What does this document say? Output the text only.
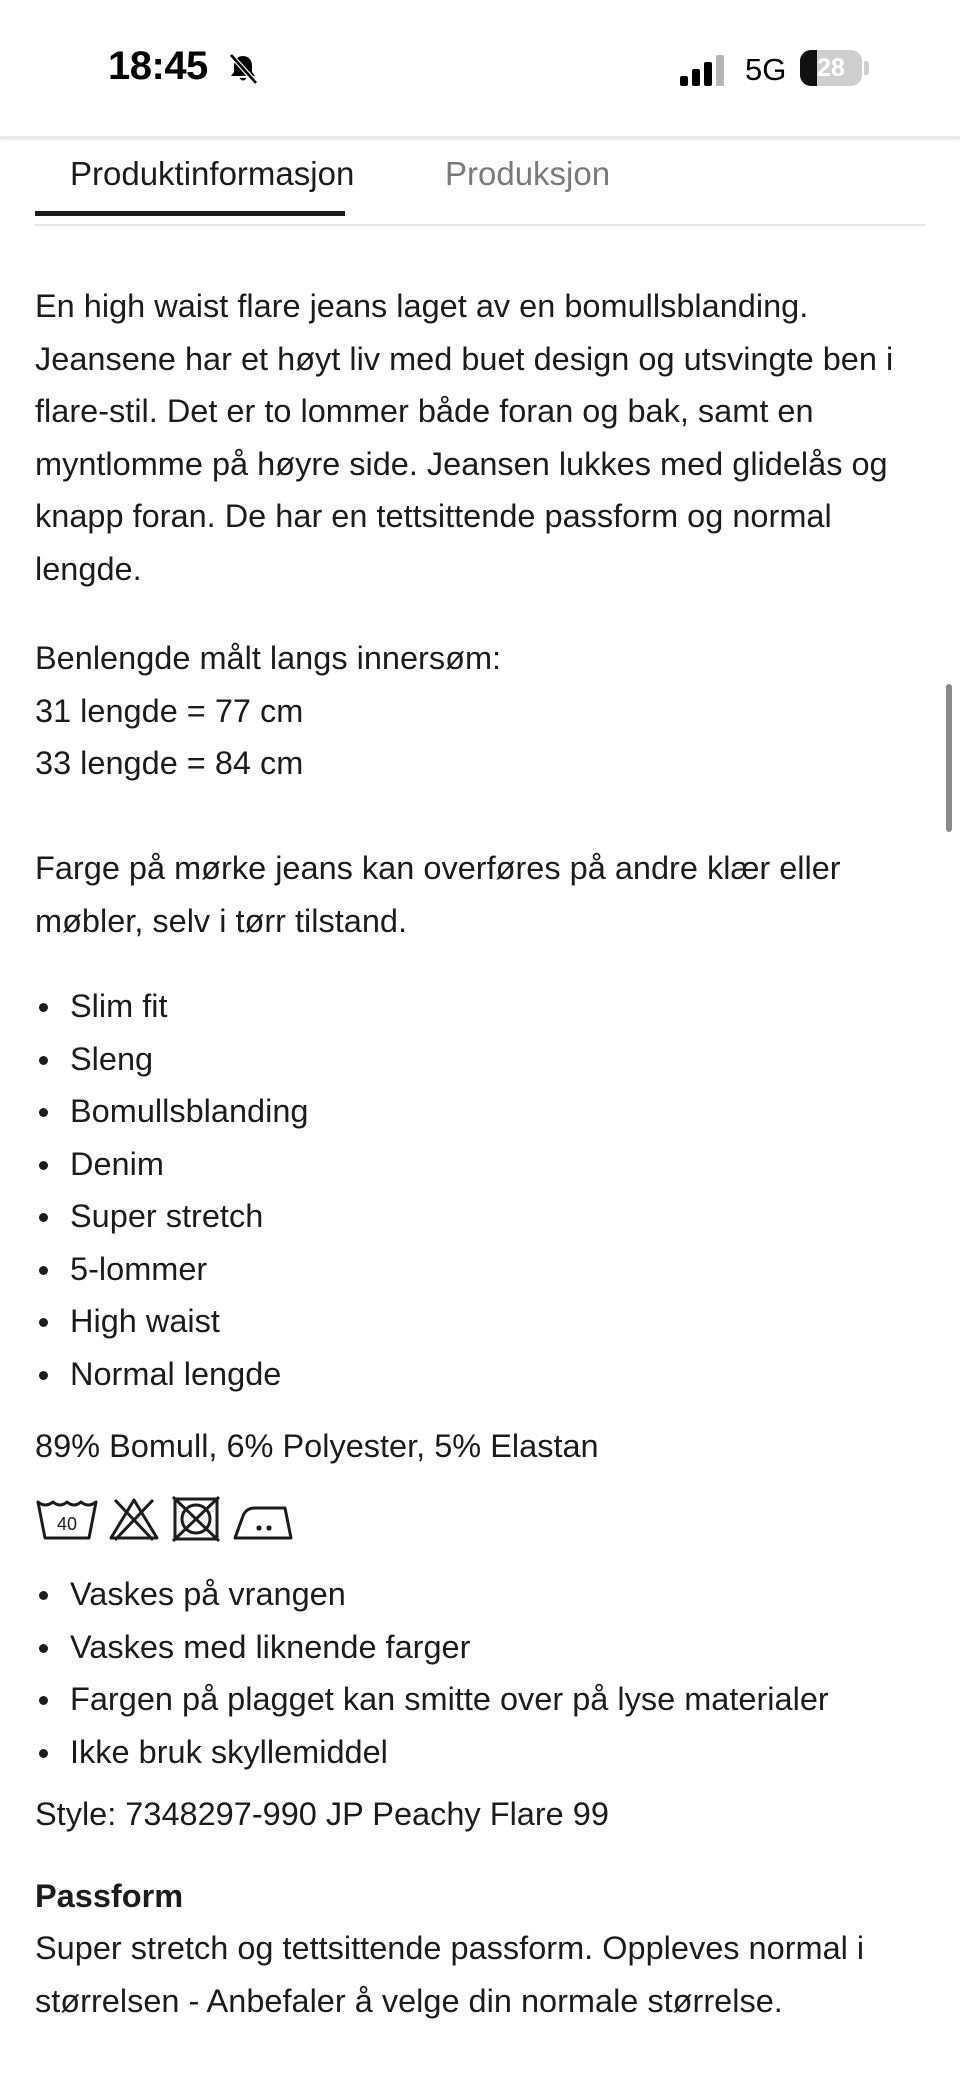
18:45	5G	28
Produktinformasjon	Produksjon

En high waist flare jeans laget av en bomullsblanding. Jeansene har et høyt liv med buet design og utsvingte ben i flare-stil. Det er to lommer både foran og bak, samt en myntlomme på høyre side. Jeansen lukkes med glidelås og knapp foran. De har en tettsittende passform og normal lengde.

Benlengde målt langs innersøm:

31 lengde = 77 cm

33 lengde = 84 cm

Farge på mørke jeans kan overføres på andre klær eller møbler, selv i tørr tilstand.

Slim fit
Sleng
Bomullsblanding
Denim
Super stretch
5-lommer
High waist
Normal lengde

89% Bomull, 6% Polyester, 5% Elastan

40
Vaskes på vrangen
Vaskes med liknende farger
Fargen på plagget kan smitte over på lyse materialer
Ikke bruk skyllemiddel

Style: 7348297-990 JP Peachy Flare 99

Passform

Super stretch og tettsittende passform. Oppleves normal i størrelsen - Anbefaler å velge din normale størrelse.
